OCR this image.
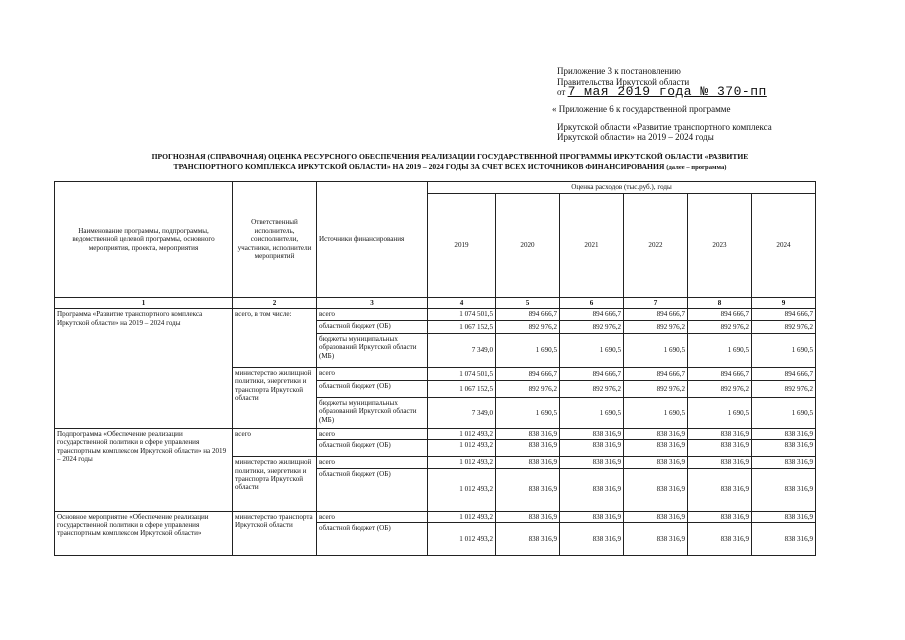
Приложение 3 к постановлению
Правительства Иркутской области
от 7 мая 2019 года № 370-пп
« Приложение 6 к государственной программе
Иркутской области «Развитие транспортного комплекса
Иркутской области» на 2019 – 2024 годы
ПРОГНОЗНАЯ (СПРАВОЧНАЯ) ОЦЕНКА РЕСУРСНОГО ОБЕСПЕЧЕНИЯ РЕАЛИЗАЦИИ ГОСУДАРСТВЕННОЙ ПРОГРАММЫ ИРКУТСКОЙ ОБЛАСТИ «РАЗВИТИЕ
ТРАНСПОРТНОГО КОМПЛЕКСА ИРКУТСКОЙ ОБЛАСТИ» НА 2019 – 2024 ГОДЫ ЗА СЧЕТ ВСЕХ ИСТОЧНИКОВ ФИНАНСИРОВАНИЯ (далее – программа)
Наименование программы, подпрограммы, ведомственной целевой программы, основного мероприятия, проекта, мероприятия	Ответственный исполнитель, соисполнители, участники, исполнители мероприятий	Источники финансирования	Оценка расходов (тыс.руб.), годы					
			2019	2020	2021	2022	2023	2024
1	2	3	4	5	6	7	8	9
Программа «Развитие транспортного комплекса Иркутской области» на 2019 – 2024 годы	всего, в том числе:	всего	1 074 501,5	894 666,7	894 666,7	894 666,7	894 666,7	894 666,7
		областной бюджет (ОБ)	1 067 152,5	892 976,2	892 976,2	892 976,2	892 976,2	892 976,2
		бюджеты муниципальных образований Иркутской области (МБ)	7 349,0	1 690,5	1 690,5	1 690,5	1 690,5	1 690,5
	министерство жилищной политики, энергетики и транспорта Иркутской области	всего	1 074 501,5	894 666,7	894 666,7	894 666,7	894 666,7	894 666,7
		областной бюджет (ОБ)	1 067 152,5	892 976,2	892 976,2	892 976,2	892 976,2	892 976,2
		бюджеты муниципальных образований Иркутской области (МБ)	7 349,0	1 690,5	1 690,5	1 690,5	1 690,5	1 690,5
Подпрограмма «Обеспечение реализации государственной политики в сфере управления транспортным комплексом Иркутской области» на 2019 – 2024 годы	всего	всего	1 012 493,2	838 316,9	838 316,9	838 316,9	838 316,9	838 316,9
		областной бюджет (ОБ)	1 012 493,2	838 316,9	838 316,9	838 316,9	838 316,9	838 316,9
	министерство жилищной политики, энергетики и транспорта Иркутской области	всего	1 012 493,2	838 316,9	838 316,9	838 316,9	838 316,9	838 316,9
		областной бюджет (ОБ)	1 012 493,2	838 316,9	838 316,9	838 316,9	838 316,9	838 316,9
Основное мероприятие «Обеспечение реализации государственной политики в сфере управления транспортным комплексом Иркутской области»	министерство транспорта Иркутской области	всего	1 012 493,2	838 316,9	838 316,9	838 316,9	838 316,9	838 316,9
		областной бюджет (ОБ)	1 012 493,2	838 316,9	838 316,9	838 316,9	838 316,9	838 316,9
